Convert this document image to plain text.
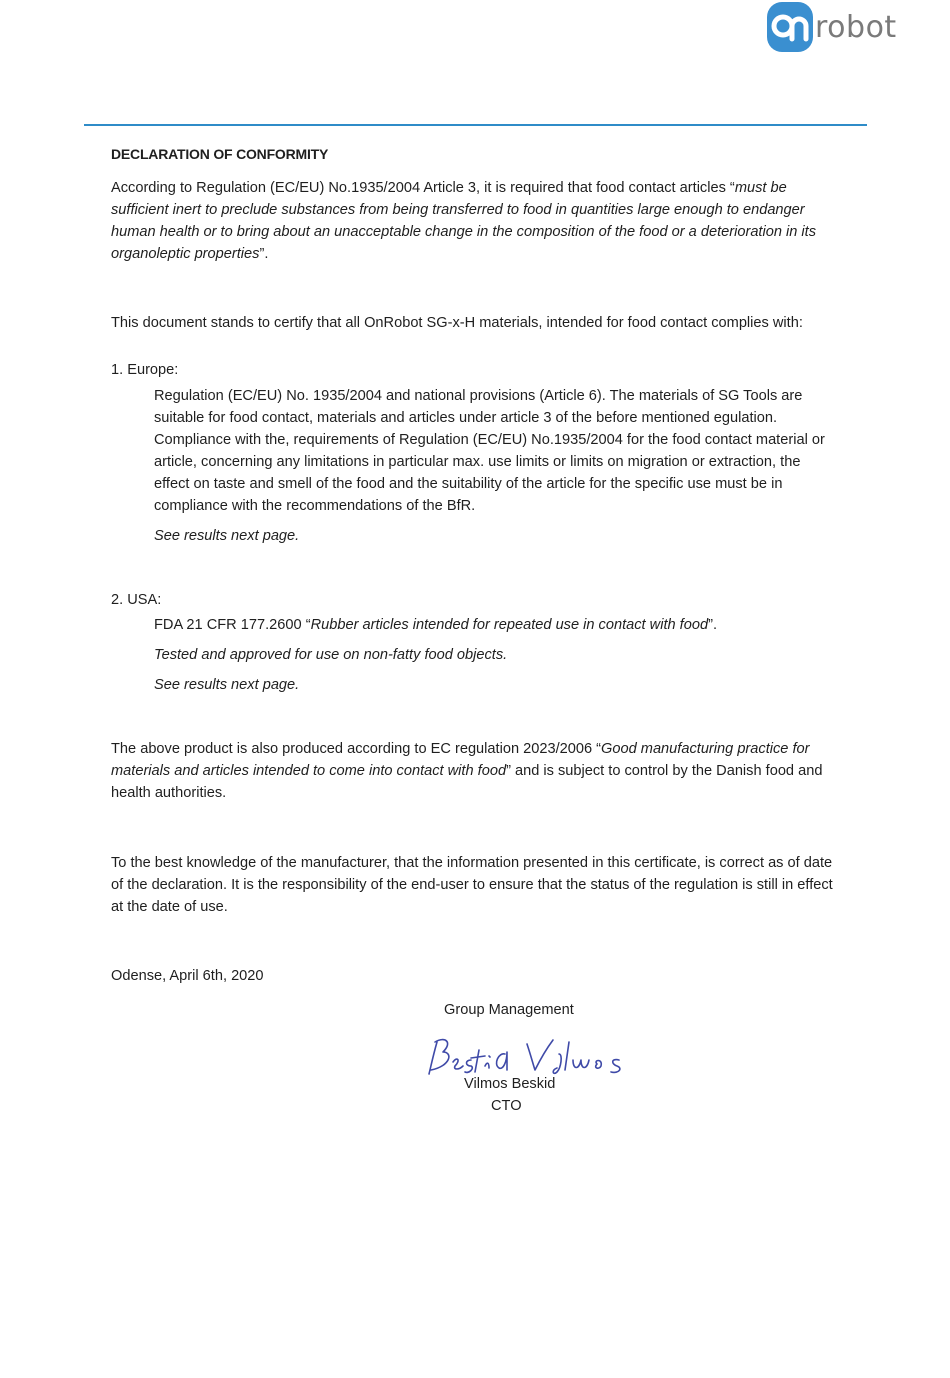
robot
DECLARATION OF CONFORMITY
According to Regulation (EC/EU) No.1935/2004 Article 3, it is required that food contact articles “must be sufficient inert to preclude substances from being transferred to food in quantities large enough to endanger human health or to bring about an unacceptable change in the composition of the food or a deterioration in its organoleptic properties”.
This document stands to certify that all OnRobot SG-x-H materials, intended for food contact complies with:
1. Europe:
Regulation (EC/EU) No. 1935/2004 and national provisions (Article 6). The materials of SG Tools are suitable for food contact, materials and articles under article 3 of the before mentioned egulation. Compliance with the, requirements of Regulation (EC/EU) No.1935/2004 for the food contact material or article, concerning any limitations in particular max. use limits or limits on migration or extraction, the effect on taste and smell of the food and the suitability of the article for the specific use must be in compliance with the recommendations of the BfR.
See results next page.
2. USA:
FDA 21 CFR 177.2600 “Rubber articles intended for repeated use in contact with food”.
Tested and approved for use on non-fatty food objects.
See results next page.
The above product is also produced according to EC regulation 2023/2006 “Good manufacturing practice for materials and articles intended to come into contact with food” and is subject to control by the Danish food and health authorities.
To the best knowledge of the manufacturer, that the information presented in this certificate, is correct as of date of the declaration. It is the responsibility of the end-user to ensure that the status of the regulation is still in effect at the date of use.
Odense, April 6th, 2020
Group Management
Vilmos Beskid
CTO
